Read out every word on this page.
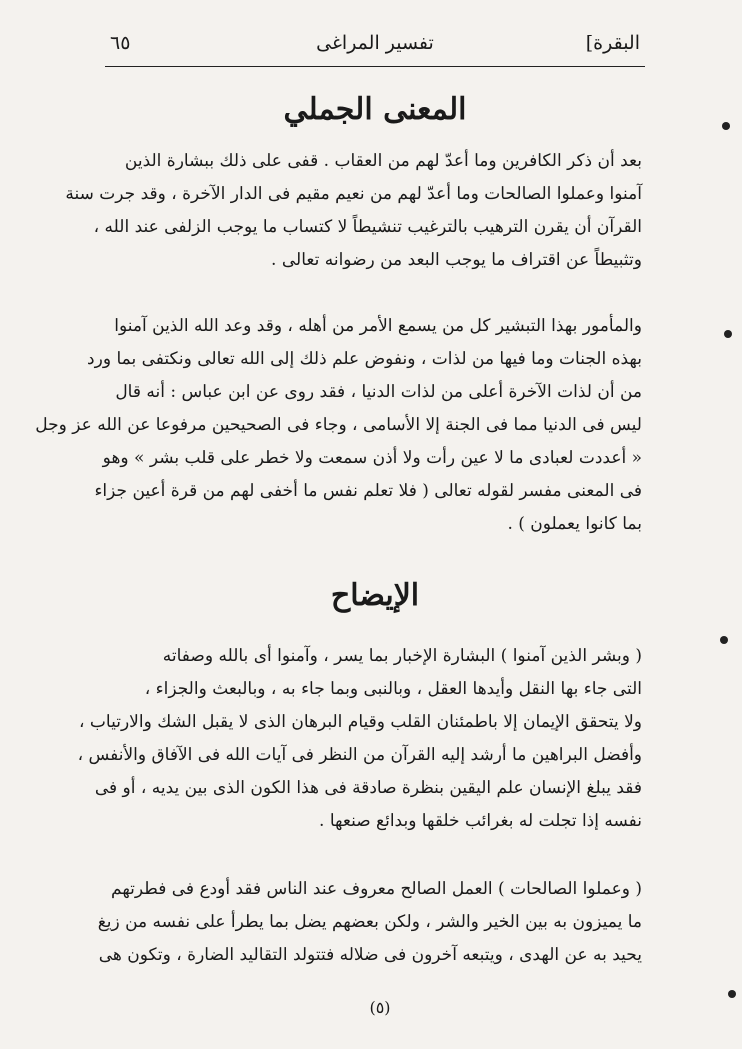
البقرة]
تفسير المراغى
٦٥
المعنى الجملي
بعد أن ذكر الكافرين وما أعدّ لهم من العقاب . قفى على ذلك ببشارة الذين
آمنوا وعملوا الصالحات وما أعدّ لهم من نعيم مقيم فى الدار الآخرة ، وقد جرت سنة
القرآن أن يقرن الترهيب بالترغيب تنشيطاً لا كتساب ما يوجب الزلفى عند الله ،
وتثبيطاً عن اقتراف ما يوجب البعد من رضوانه تعالى .
والمأمور بهذا التبشير كل من يسمع الأمر من أهله ، وقد وعد الله الذين آمنوا
بهذه الجنات وما فيها من لذات ، ونفوض علم ذلك إلى الله تعالى ونكتفى بما ورد
من أن لذات الآخرة أعلى من لذات الدنيا ، فقد روى عن ابن عباس : أنه قال
ليس فى الدنيا مما فى الجنة إلا الأسامى ، وجاء فى الصحيحين مرفوعا عن الله عز وجل
« أعددت لعبادى ما لا عين رأت ولا أذن سمعت ولا خطر على قلب بشر » وهو
فى المعنى مفسر لقوله تعالى ( فلا تعلم نفس ما أخفى لهم من قرة أعين جزاء
بما كانوا يعملون ) .
الإيضاح
( وبشر الذين آمنوا ) البشارة الإخبار بما يسر ، وآمنوا أى بالله وصفاته
التى جاء بها النقل وأيدها العقل ، وبالنبى وبما جاء به ، وبالبعث والجزاء ،
ولا يتحقق الإيمان إلا باطمئنان القلب وقيام البرهان الذى لا يقبل الشك والارتياب ،
وأفضل البراهين ما أرشد إليه القرآن من النظر فى آيات الله فى الآفاق والأنفس ،
فقد يبلغ الإنسان علم اليقين بنظرة صادقة فى هذا الكون الذى بين يديه ، أو فى
نفسه إذا تجلت له بغرائب خلقها وبدائع صنعها .
( وعملوا الصالحات ) العمل الصالح معروف عند الناس فقد أودع فى فطرتهم
ما يميزون به بين الخير والشر ، ولكن بعضهم يضل بما يطرأ على نفسه من زيغ
يحيد به عن الهدى ، ويتبعه آخرون فى ضلاله فتتولد التقاليد الضارة ، وتكون هى
(٥)
